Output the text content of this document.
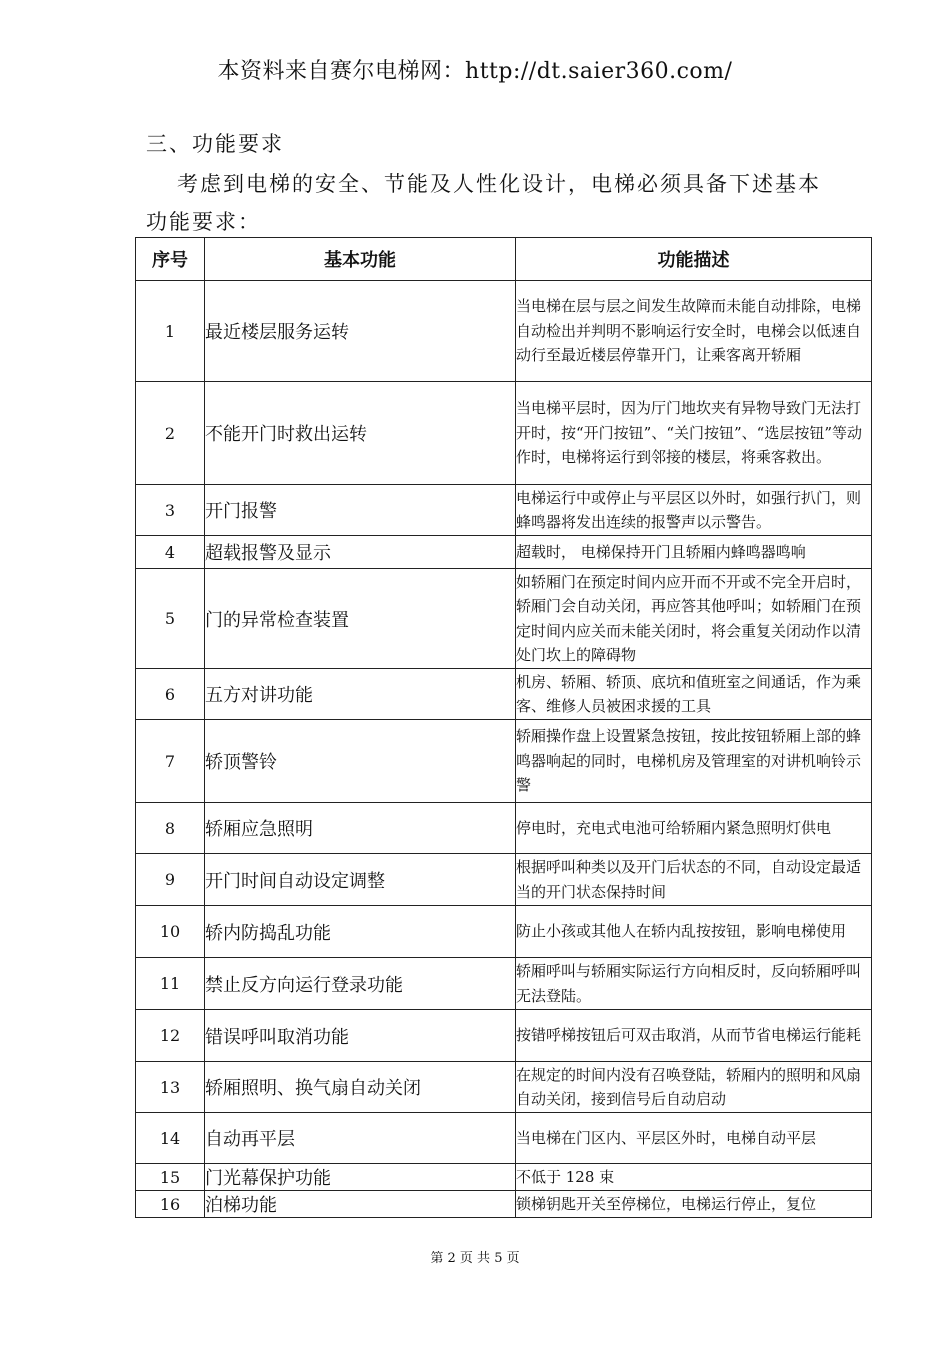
本资料来自赛尔电梯网：http://dt.saier360.com/
三、功能要求
考虑到电梯的安全、节能及人性化设计，电梯必须具备下述基本
功能要求：
序号	基本功能	功能描述
1	最近楼层服务运转	当电梯在层与层之间发生故障而未能自动排除，电梯自动检出并判明不影响运行安全时，电梯会以低速自动行至最近楼层停靠开门，让乘客离开轿厢
2	不能开门时救出运转	当电梯平层时，因为厅门地坎夹有异物导致门无法打开时，按“开门按钮”、“关门按钮”、“选层按钮”等动作时，电梯将运行到邻接的楼层，将乘客救出。
3	开门报警	电梯运行中或停止与平层区以外时，如强行扒门，则蜂鸣器将发出连续的报警声以示警告。
4	超载报警及显示	超载时， 电梯保持开门且轿厢内蜂鸣器鸣响
5	门的异常检查装置	如轿厢门在预定时间内应开而不开或不完全开启时，轿厢门会自动关闭，再应答其他呼叫；如轿厢门在预定时间内应关而未能关闭时，将会重复关闭动作以清处门坎上的障碍物
6	五方对讲功能	机房、轿厢、轿顶、底坑和值班室之间通话，作为乘客、维修人员被困求援的工具
7	轿顶警铃	轿厢操作盘上设置紧急按钮，按此按钮轿厢上部的蜂鸣器响起的同时，电梯机房及管理室的对讲机响铃示警
8	轿厢应急照明	停电时，充电式电池可给轿厢内紧急照明灯供电
9	开门时间自动设定调整	根据呼叫种类以及开门后状态的不同，自动设定最适当的开门状态保持时间
10	轿内防捣乱功能	防止小孩或其他人在轿内乱按按钮，影响电梯使用
11	禁止反方向运行登录功能	轿厢呼叫与轿厢实际运行方向相反时，反向轿厢呼叫无法登陆。
12	错误呼叫取消功能	按错呼梯按钮后可双击取消，从而节省电梯运行能耗
13	轿厢照明、换气扇自动关闭	在规定的时间内没有召唤登陆，轿厢内的照明和风扇自动关闭，接到信号后自动启动
14	自动再平层	当电梯在门区内、平层区外时，电梯自动平层
15	门光幕保护功能	不低于 128 束
16	泊梯功能	锁梯钥匙开关至停梯位，电梯运行停止，复位
第 2 页 共 5 页
